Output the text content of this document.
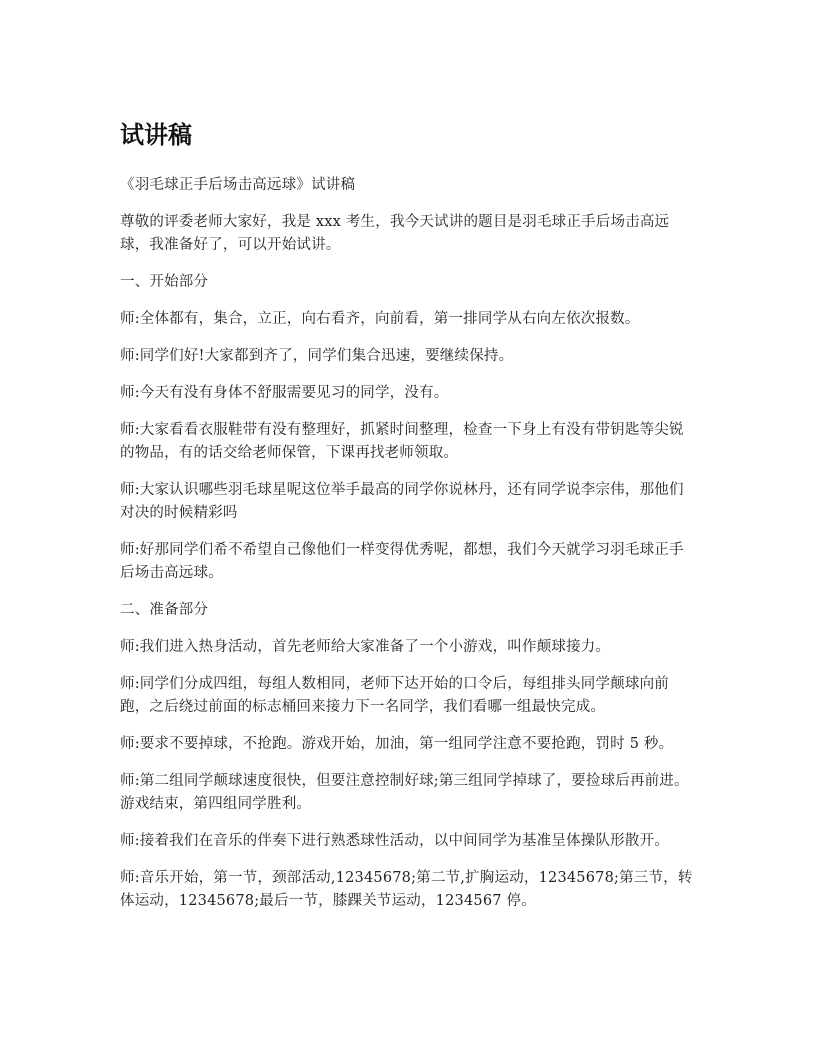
试讲稿

《羽毛球正手后场击高远球》试讲稿

尊敬的评委老师大家好，我是 xxx 考生，我今天试讲的题目是羽毛球正手后场击高远球，我准备好了，可以开始试讲。

一、开始部分

师:全体都有，集合，立正，向右看齐，向前看，第一排同学从右向左依次报数。

师:同学们好!大家都到齐了，同学们集合迅速，要继续保持。

师:今天有没有身体不舒服需要见习的同学，没有。

师:大家看看衣服鞋带有没有整理好，抓紧时间整理，检查一下身上有没有带钥匙等尖锐的物品，有的话交给老师保管，下课再找老师领取。

师:大家认识哪些羽毛球星呢这位举手最高的同学你说林丹，还有同学说李宗伟，那他们对决的时候精彩吗

师:好那同学们希不希望自己像他们一样变得优秀呢，都想，我们今天就学习羽毛球正手后场击高远球。

二、准备部分

师:我们进入热身活动，首先老师给大家准备了一个小游戏，叫作颠球接力。

师:同学们分成四组，每组人数相同，老师下达开始的口令后，每组排头同学颠球向前跑，之后绕过前面的标志桶回来接力下一名同学，我们看哪一组最快完成。

师:要求不要掉球，不抢跑。游戏开始，加油，第一组同学注意不要抢跑，罚时 5 秒。

师:第二组同学颠球速度很快，但要注意控制好球;第三组同学掉球了，要捡球后再前进。游戏结束，第四组同学胜利。

师:接着我们在音乐的伴奏下进行熟悉球性活动，以中间同学为基准呈体操队形散开。

师:音乐开始，第一节，颈部活动,12345678;第二节,扩胸运动，12345678;第三节，转体运动，12345678;最后一节，膝踝关节运动，1234567 停。
